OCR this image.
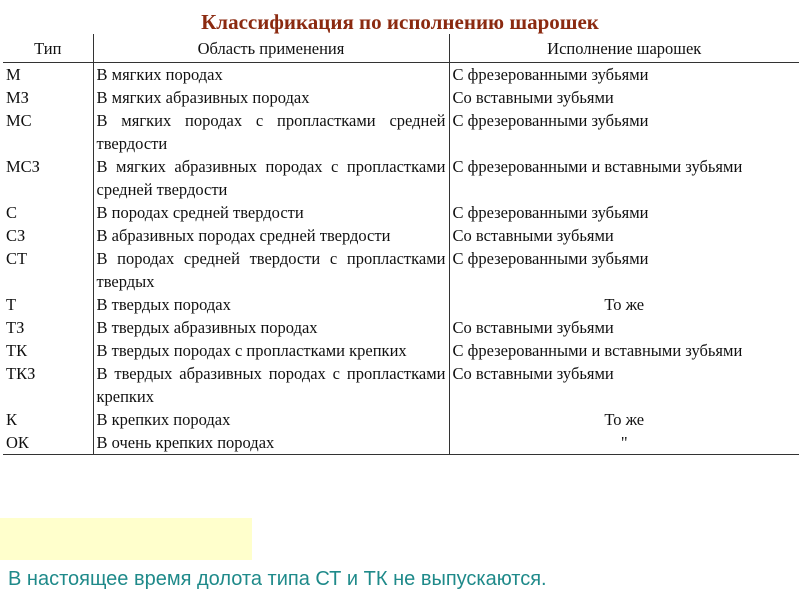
Классификация по исполнению шарошек
Тип	Область применения	Исполнение шарошек
М	В мягких породах	С фрезерованными зубьями
МЗ	В мягких абразивных породах	Со вставными зубьями
МС	В мягких породах с пропластками средней твердости	С фрезерованными зубьями
МСЗ	В мягких абразивных породах с пропластками средней твердости	С фрезерованными и вставными зубьями
С	В породах средней твердости	С фрезерованными зубьями
СЗ	В абразивных породах средней твердости	Со вставными зубьями
СТ	В породах средней твердости с пропластками твердых	С фрезерованными зубьями
Т	В твердых породах	То же
ТЗ	В твердых абразивных породах	Со вставными зубьями
ТК	В твердых породах с пропластками крепких	С фрезерованными и вставными зубьями
ТКЗ	В твердых абразивных породах с пропластками крепких	Со вставными зубьями
К	В крепких породах	То же
ОК	В очень крепких породах	"

В настоящее время долота типа СТ и ТК не выпускаются.
